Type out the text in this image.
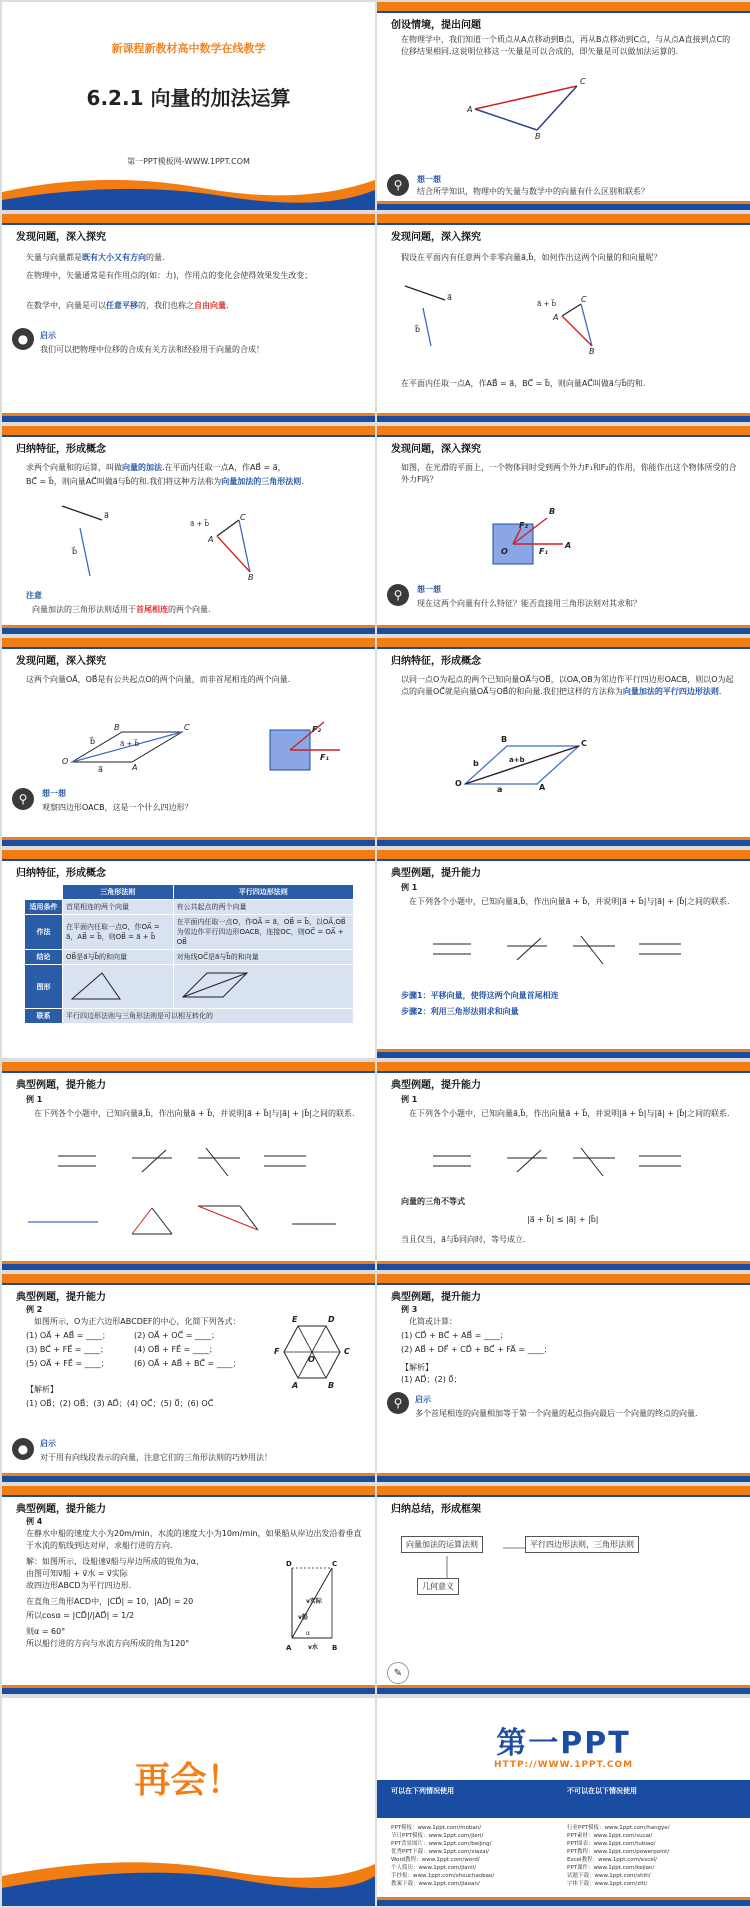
新课程新教材高中数学在线教学
6.2.1 向量的加法运算
第一PPT模板网-WWW.1PPT.COM
创设情境，提出问题
在物理学中，我们知道一个质点从A点移动到B点，再从B点移动到C点，与从点A直接到点C的位移结果相同.这说明位移这一矢量是可以合成的，即矢量是可以做加法运算的.
A
B
C
⚲	想一想
结合所学知识，物理中的矢量与数学中的向量有什么区别和联系？
发现问题，深入探究
矢量与向量都是既有大小又有方向的量.
在物理中，矢量通常是有作用点的(如：力)，作用点的变化会使得效果发生改变；
在数学中，向量是可以任意平移的，我们也称之自由向量.
●	启示
我们可以把物理中位移的合成有关方法和经验用于向量的合成！
发现问题，深入探究
假设在平面内有任意两个非零向量a⃗,b⃗，如何作出这两个向量的和向量呢？
a⃗
b⃗
a⃗ + b⃗
A
B
C
在平面内任取一点A，作AB⃗ = a⃗，BC⃗ = b⃗，则向量AC⃗叫做a⃗与b⃗的和.
归纳特征，形成概念
求两个向量和的运算，叫做向量的加法.在平面内任取一点A，作AB⃗ = a⃗，
BC⃗ = b⃗，则向量AC⃗叫做a⃗与b⃗的和.我们将这种方法称为向量加法的三角形法则.
a⃗
b⃗
a⃗ + b⃗
A
B
C
注意
向量加法的三角形法则适用于首尾相连的两个向量.
发现问题，深入探究
如图，在光滑的平面上，一个物体同时受到两个外力F₁和F₂的作用，你能作出这个物体所受的合外力F吗？
B
F₂
O	F₁
A
⚲	想一想
现在这两个向量有什么特征？能否直接用三角形法则对其求和？
发现问题，深入探究
这两个向量OA⃗，OB⃗是有公共起点O的两个向量，而非首尾相连的两个向量.
O
A
B	C
a⃗
b⃗	a⃗ + b⃗
F₁
F₂
⚲	想一想
观察四边形OACB，这是一个什么四边形？
归纳特征，形成概念
以同一点O为起点的两个已知向量OA⃗与OB⃗，以OA,OB为邻边作平行四边形OACB，则以O为起点的向量OC⃗就是向量OA⃗与OB⃗的和向量.我们把这样的方法称为向量加法的平行四边形法则.
O	A
B	C
a+b
a
b
归纳特征，形成概念
	三角形法则	平行四边形法则
适用条件	首尾相连的两个向量	有公共起点的两个向量
作法	在平面内任取一点O，作OA⃗ = a⃗，AB⃗ = b⃗，则OB⃗ = a⃗ + b⃗	在平面内任取一点O，作OA⃗ = a⃗，OB⃗ = b⃗，以OA⃗,OB⃗为邻边作平行四边形OACB，连接OC，则OC⃗ = OA⃗ + OB⃗
结论	OB⃗是a⃗与b⃗的和向量	对角线OC⃗是a⃗与b⃗的和向量
图形		
联系	平行四边形法则与三角形法则是可以相互转化的	
典型例题，提升能力
例 1
在下列各个小题中，已知向量a⃗,b⃗，作出向量a⃗ + b⃗，并说明|a⃗ + b⃗|与|a⃗| + |b⃗|之间的联系.
步骤1：平移向量，使得这两个向量首尾相连
步骤2：利用三角形法则求和向量
典型例题，提升能力
例 1
在下列各个小题中，已知向量a⃗,b⃗，作出向量a⃗ + b⃗，并说明|a⃗ + b⃗|与|a⃗| + |b⃗|之间的联系.
典型例题，提升能力
例 1
在下列各个小题中，已知向量a⃗,b⃗，作出向量a⃗ + b⃗，并说明|a⃗ + b⃗|与|a⃗| + |b⃗|之间的联系.
向量的三角不等式
|a⃗ + b⃗| ≤ |a⃗| + |b⃗|
当且仅当，a⃗与b⃗同向时，等号成立.
典型例题，提升能力
例 2
如图所示，O为正六边形ABCDEF的中心，化简下列各式：
(1) OA⃗ + AB⃗ = ____；	(2) OA⃗ + OC⃗ = ____；
(3) BC⃗ + FE⃗ = ____；	(4) OB⃗ + FE⃗ = ____；
(5) OA⃗ + FE⃗ = ____；	(6) OA⃗ + AB⃗ + BC⃗ = ____；
E	D
F
O
C
A	B
【解析】
(1) OB⃗；(2) OB⃗；(3) AD⃗；(4) OC⃗；(5) 0⃗；(6) OC⃗
●	启示
对于用有向线段表示的向量，注意它们的三角形法则的巧妙用法！
典型例题，提升能力
例 3
化简或计算：
(1) CD⃗ + BC⃗ + AB⃗ = ____；
(2) AB⃗ + DF⃗ + CD⃗ + BC⃗ + FA⃗ = ____；
【解析】
(1) AD⃗；(2) 0⃗；
⚲	启示
多个首尾相连的向量相加等于第一个向量的起点指向最后一个向量的终点的向量.
典型例题，提升能力
例 4
在静水中船的速度大小为20m/min，水流的速度大小为10m/min，如果船从岸边出发沿着垂直于水流的航线到达对岸，求船行进的方向.
解：如图所示，设船速v⃗船与岸边所成的锐角为α，
由图可知v⃗船 + v⃗水 = v⃗实际
故四边形ABCD为平行四边形.
在直角三角形ACD中，|CD⃗| = 10，|AD⃗| = 20
所以cosα = |CD⃗|/|AD⃗| = 1/2
则α = 60°
所以船行进的方向与水流方向所成的角为120°
D	C
v实际
v船
α
A	v水 B
归纳总结，形成框架
向量加法的运算法则	平行四边形法则，三角形法则
几何意义
✎
再会！
第一PPT
HTTP://WWW.1PPT.COM
可以在下列情况使用	不可以在以下情况使用
PPT模板：www.1ppt.com/moban/
节日PPT模板：www.1ppt.com/jieri/
PPT背景图片：www.1ppt.com/beijing/
优秀PPT下载：www.1ppt.com/xiazai/
Word教程：www.1ppt.com/word/
个人简历：www.1ppt.com/jianli/
手抄报：www.1ppt.com/shouchaobao/
教案下载：www.1ppt.com/jiaoan/
行业PPT模板：www.1ppt.com/hangye/
PPT素材：www.1ppt.com/sucai/
PPT图表：www.1ppt.com/tubiao/
PPT教程：www.1ppt.com/powerpoint/
Excel教程：www.1ppt.com/excel/
PPT课件：www.1ppt.com/kejian/
试题下载：www.1ppt.com/shiti/
字体下载：www.1ppt.com/ziti/
